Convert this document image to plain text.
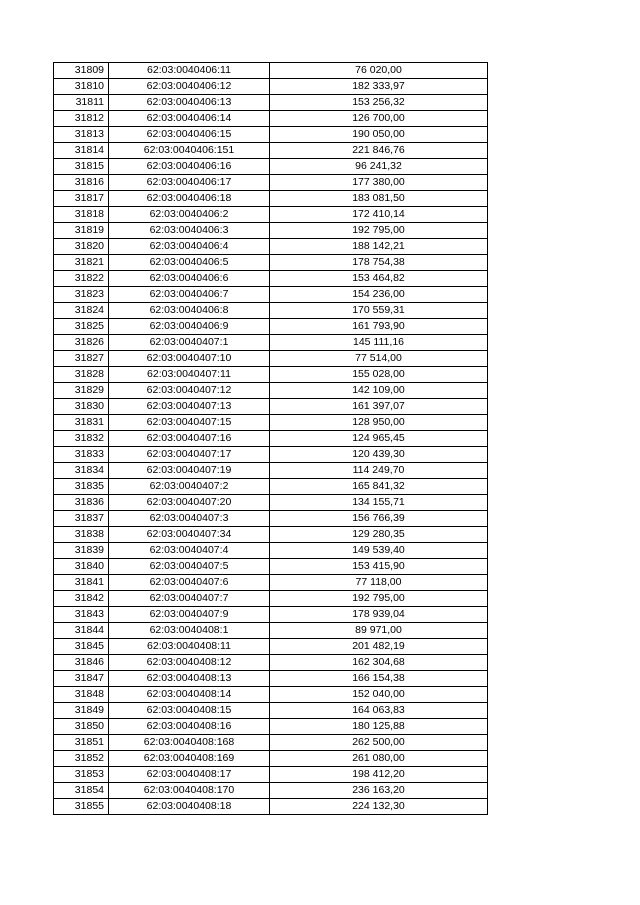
31809	62:03:0040406:11	76 020,00
31810	62:03:0040406:12	182 333,97
31811	62:03:0040406:13	153 256,32
31812	62:03:0040406:14	126 700,00
31813	62:03:0040406:15	190 050,00
31814	62:03:0040406:151	221 846,76
31815	62:03:0040406:16	96 241,32
31816	62:03:0040406:17	177 380,00
31817	62:03:0040406:18	183 081,50
31818	62:03:0040406:2	172 410,14
31819	62:03:0040406:3	192 795,00
31820	62:03:0040406:4	188 142,21
31821	62:03:0040406:5	178 754,38
31822	62:03:0040406:6	153 464,82
31823	62:03:0040406:7	154 236,00
31824	62:03:0040406:8	170 559,31
31825	62:03:0040406:9	161 793,90
31826	62:03:0040407:1	145 111,16
31827	62:03:0040407:10	77 514,00
31828	62:03:0040407:11	155 028,00
31829	62:03:0040407:12	142 109,00
31830	62:03:0040407:13	161 397,07
31831	62:03:0040407:15	128 950,00
31832	62:03:0040407:16	124 965,45
31833	62:03:0040407:17	120 439,30
31834	62:03:0040407:19	114 249,70
31835	62:03:0040407:2	165 841,32
31836	62:03:0040407:20	134 155,71
31837	62:03:0040407:3	156 766,39
31838	62:03:0040407:34	129 280,35
31839	62:03:0040407:4	149 539,40
31840	62:03:0040407:5	153 415,90
31841	62:03:0040407:6	77 118,00
31842	62:03:0040407:7	192 795,00
31843	62:03:0040407:9	178 939,04
31844	62:03:0040408:1	89 971,00
31845	62:03:0040408:11	201 482,19
31846	62:03:0040408:12	162 304,68
31847	62:03:0040408:13	166 154,38
31848	62:03:0040408:14	152 040,00
31849	62:03:0040408:15	164 063,83
31850	62:03:0040408:16	180 125,88
31851	62:03:0040408:168	262 500,00
31852	62:03:0040408:169	261 080,00
31853	62:03:0040408:17	198 412,20
31854	62:03:0040408:170	236 163,20
31855	62:03:0040408:18	224 132,30
